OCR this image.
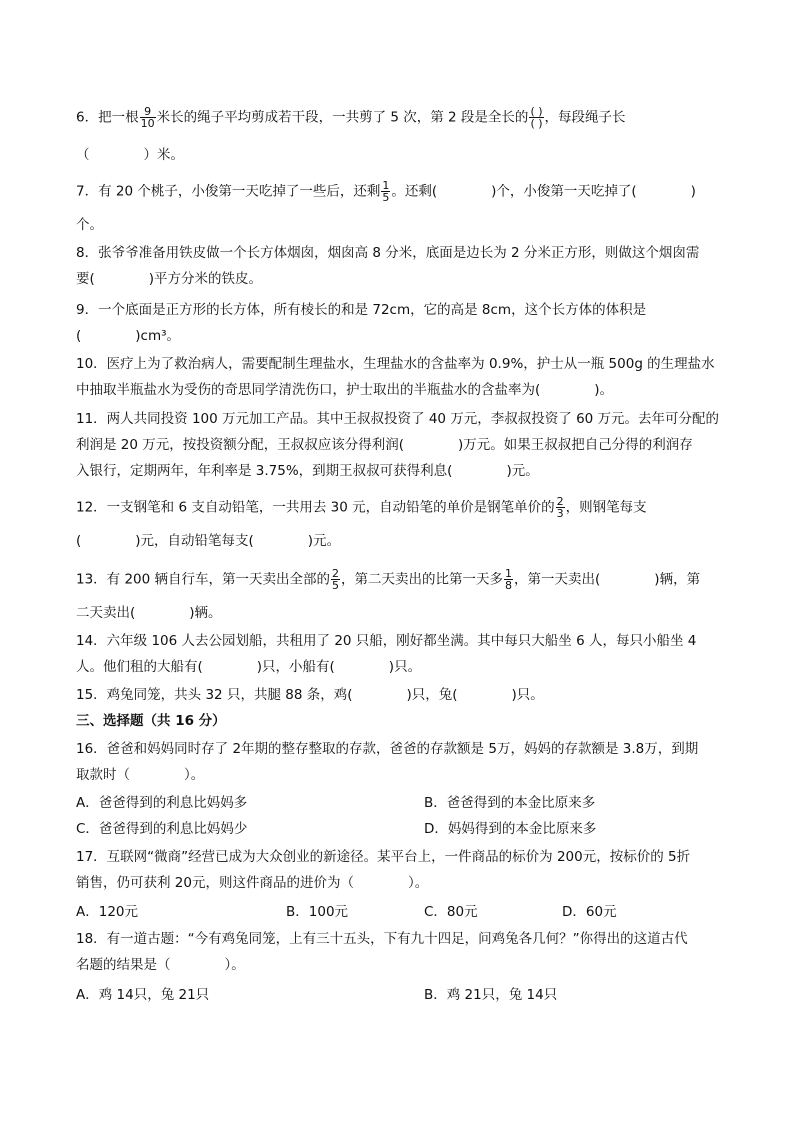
6．把一根 $\frac{9}{10}$ 米长的绳子平均剪成若干段，一共剪了 5 次，第 2 段是全长的 $\frac{( )}{( )}$ ，每段绳子长
（　　　　）米。
7．有 20 个桃子，小俊第一天吃掉了一些后，还剩 $\frac{1}{5}$ 。还剩(　　　　)个，小俊第一天吃掉了(　　　　)
个。
8．张爷爷准备用铁皮做一个长方体烟囱，烟囱高 8 分米，底面是边长为 2 分米正方形，则做这个烟囱需
要(　　　　)平方分米的铁皮。
9．一个底面是正方形的长方体，所有棱长的和是 72cm，它的高是 8cm，这个长方体的体积是
(　　　　)cm³。
10．医疗上为了救治病人，需要配制生理盐水，生理盐水的含盐率为 0.9%，护士从一瓶 500g 的生理盐水
中抽取半瓶盐水为受伤的奇思同学清洗伤口，护士取出的半瓶盐水的含盐率为(　　　　)。
11．两人共同投资 100 万元加工产品。其中王叔叔投资了 40 万元，李叔叔投资了 60 万元。去年可分配的
利润是 20 万元，按投资额分配，王叔叔应该分得利润(　　　　)万元。如果王叔叔把自己分得的利润存
入银行，定期两年，年利率是 3.75%，到期王叔叔可获得利息(　　　　)元。
12．一支钢笔和 6 支自动铅笔，一共用去 30 元，自动铅笔的单价是钢笔单价的 $\frac{2}{3}$ ，则钢笔每支
(　　　　)元，自动铅笔每支(　　　　)元。
13．有 200 辆自行车，第一天卖出全部的 $\frac{2}{5}$ ，第二天卖出的比第一天多 $\frac{1}{8}$ ，第一天卖出(　　　　)辆，第
二天卖出(　　　　)辆。
14．六年级 106 人去公园划船，共租用了 20 只船，刚好都坐满。其中每只大船坐 6 人，每只小船坐 4
人。他们租的大船有(　　　　)只，小船有(　　　　)只。
15．鸡兔同笼，共头 32 只，共腿 88 条，鸡(　　　　)只，兔(　　　　)只。
三、选择题（共 16 分）
16．爸爸和妈妈同时存了 2年期的整存整取的存款，爸爸的存款额是 5万，妈妈的存款额是 3.8万，到期
取款时（　　　　）。
A．爸爸得到的利息比妈妈多	B．爸爸得到的本金比原来多
C．爸爸得到的利息比妈妈少	D．妈妈得到的本金比原来多
17．互联网“微商”经营已成为大众创业的新途径。某平台上，一件商品的标价为 200元，按标价的 5折
销售，仍可获利 20元，则这件商品的进价为（　　　　）。
A．120元	B．100元	C．80元	D．60元
18．有一道古题：“今有鸡兔同笼，上有三十五头，下有九十四足，问鸡兔各几何？”你得出的这道古代
名题的结果是（　　　　）。
A．鸡 14只，兔 21只	B．鸡 21只，兔 14只
